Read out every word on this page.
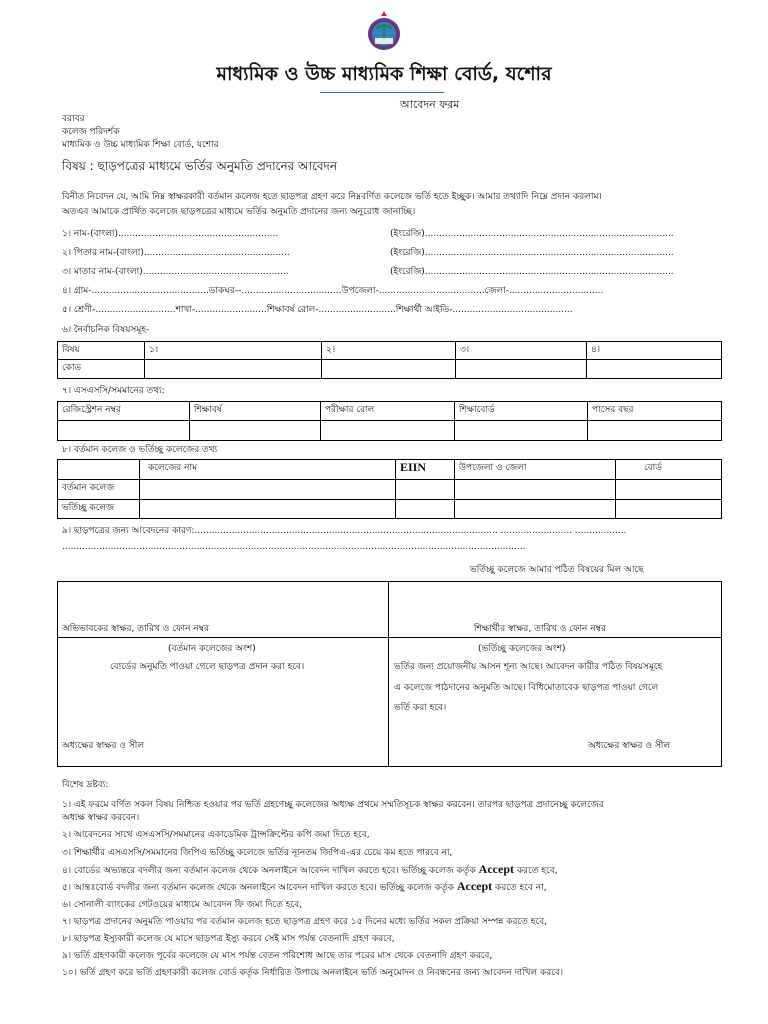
মাধ্যমিক ও উচ্চ মাধ্যমিক শিক্ষা বোর্ড, যশোর
আবেদন ফরম
বরাবর
কলেজ পরিদর্শক
মাধ্যমিক ও উচ্চ মাধ্যমিক শিক্ষা বোর্ড, যশোর
বিষয় : ছাড়পত্রের মাধ্যমে ভর্তির অনুমতি প্রদানের আবেদন
বিনীত নিবেদন যে, আমি নিম্ন স্বাক্ষরকারী বর্তমান কলেজ হতে ছাড়পত্র গ্রহণ করে নিম্নবর্ণিত কলেজে ভর্তি হতে ইচ্ছুক। আমার তথ্যাদি নিম্নে প্রদান করলাম।
অতএব আমাকে প্রার্থিত কলেজে ছাড়পত্রের মাধ্যমে ভর্তির অনুমতি প্রদানের জন্য অনুরোধ জানাচ্ছি।
১। নাম-(বাংলা)........................................................	(ইংরেজি).......................................................................................
২। পিতার নাম-(বাংলা)...................................................	(ইংরেজি).......................................................................................
৩। মাতার নাম-(বাংলা)...................................................	(ইংরেজি).......................................................................................
৪। গ্রাম-.........................................ডাকঘর--...................................উপজেলা-.....................................জেলা-.................................
৫। শ্রেণী-............................শাখা-.........................শিক্ষাবর্ষ রোল-...........................শিক্ষার্থী আইডি-..........................................
৬। নৈর্বাচনিক বিষয়সমূহ-
বিষয়	১।	২।	৩।	৪।
কোড				
৭। এসএসসি/সমমানের তথ্য:
রেজিস্ট্রেশন নম্বর	শিক্ষাবর্ষ	পরীক্ষার রোল	শিক্ষাবোর্ড	পাসের বছর

৮। বর্তমান কলেজ ও ভর্তিচ্ছু কলেজের তথ্য
	কলেজের নাম	EIIN	উপজেলা ও জেলা	বোর্ড
বর্তমান কলেজ				
ভর্তিচ্ছু কলেজ				
৯। ছাড়পত্রের জন্য আবেদনের কারণ:.......................................................................................................... ......................... ..................
..................................................................................................................................................................
ভর্তিচ্ছু কলেজে আমার পঠিত বিষয়ের মিল আছে
অভিভাবকের স্বাক্ষর, তারিখ ও ফোন নম্বর	শিক্ষার্থীর স্বাক্ষর, তারিখ ও ফোন নম্বর
(বর্তমান কলেজের অংশ)
বোর্ডের অনুমতি পাওয়া গেলে ছাড়পত্র প্রদান করা হবে।
অধ্যক্ষের স্বাক্ষর ও সীল
(ভর্তিচ্ছু কলেজের অংশ)
ভর্তির জন্য প্রয়োজনীয় আসন শূন্য আছে। আবেদন কারীর পঠিত বিষয়সমূহে
এ কলেজে পাঠদানের অনুমতি আছে। বিধিমোতাবেক ছাড়পত্র পাওয়া গেলে
ভর্তি করা হবে।
অধ্যক্ষের স্বাক্ষর ও সীল
বিশেষ দ্রষ্টব্য:
১। এই ফরমে বর্ণিত সকল বিষয় নিশ্চিত হওয়ার পর ভর্তি গ্রহণেচ্ছু কলেজের অধ্যক্ষ প্রথমে সম্মতিসূচক স্বাক্ষর করবেন। তারপর ছাড়পত্র প্রদানেচ্ছু কলেজের
অধ্যক্ষ স্বাক্ষর করবেন।
২। আবেদনের সাথে এসএসসি/সমমানের একাডেমিক ট্রান্সক্রিপ্টের কপি জমা দিতে হবে,
৩। শিক্ষার্থীর এসএসসি/সমমানের জিপিএ ভর্তিচ্ছু কলেজে ভর্তির ন্যূনতম জিপিএ-এর চেয়ে কম হতে পারবে না,
৪। বোর্ডের অভ্যন্তরে বদলীর জন্য বর্তমান কলেজ থেকে অনলাইনে আবেদন দাখিল করতে হবে। ভর্তিচ্ছু কলেজ কর্তৃক Accept করতে হবে,
৫। আন্তঃবোর্ড বদলীর জন্য বর্তমান কলেজ থেকে অনলাইনে আবেদন দাখিল করতে হবে। ভর্তিচ্ছু কলেজ কর্তৃক Accept করতে হবে না,
৬। সোনালী ব্যাংকের গেটওয়ের মাধ্যমে আবেদন ফি জমা দিতে হবে,
৭। ছাড়পত্র প্রদানের অনুমতি পাওয়ার পর বর্তমান কলেজ হতে ছাড়পত্র গ্রহণ করে ১৫ দিনের মধ্যে ভর্তির সকল প্রক্রিয়া সম্পন্ন করতে হবে,
৮। ছাড়পত্র ইস্যুকারী কলেজ যে মাসে ছাড়পত্র ইস্যু করবে সেই মাস পর্যন্ত বেতনাদি গ্রহণ করবে,
৯। ভর্তি গ্রহণকারী কলেজ পূর্বের কলেজে যে মাস পর্যন্ত বেতন পরিশোধ আছে তার পরের মাস থেকে বেতনাদি গ্রহণ করবে,
১০। ভর্তি গ্রহণ করে ভর্তি গ্রহণকারী কলেজ বোর্ড কর্তৃক নির্ধারিত উপায়ে অনলাইনে ভর্তি অনুমোদন ও নিবন্ধনের জন্য আবেদন দাখিল করবে।
